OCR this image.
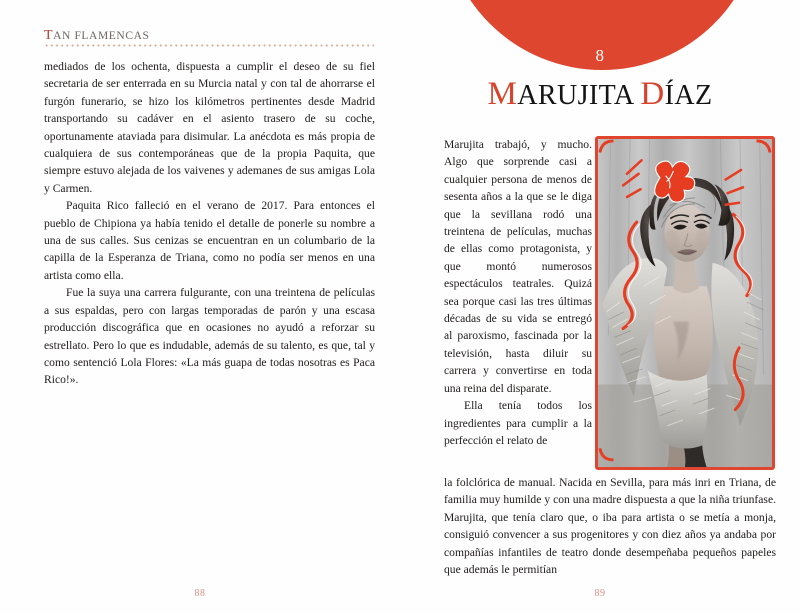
TAN FLAMENCAS

mediados de los ochenta, dispuesta a cumplir el deseo de su fiel secretaria de ser enterrada en su Murcia natal y con tal de ahorrarse el furgón funerario, se hizo los kilómetros pertinentes desde Madrid transportando su cadáver en el asiento trasero de su coche, oportunamente ataviada para disimular. La anécdota es más propia de cualquiera de sus contemporáneas que de la propia Paquita, que siempre estuvo alejada de los vaivenes y ademanes de sus amigas Lola y Carmen.

Paquita Rico falleció en el verano de 2017. Para entonces el pueblo de Chipiona ya había tenido el detalle de ponerle su nombre a una de sus calles. Sus cenizas se encuentran en un columbario de la capilla de la Esperanza de Triana, como no podía ser menos en una artista como ella.

Fue la suya una carrera fulgurante, con una treintena de películas a sus espaldas, pero con largas temporadas de parón y una escasa producción discográfica que en ocasiones no ayudó a reforzar su estrellato. Pero lo que es indudable, además de su talento, es que, tal y como sentenció Lola Flores: «La más guapa de todas nosotras es Paca Rico!».

88
8
MARUJITA DÍAZ

Marujita trabajó, y mucho. Algo que sorprende casi a cualquier persona de menos de sesenta años a la que se le diga que la sevillana rodó una treintena de películas, muchas de ellas como protagonista, y que montó numerosos espectáculos teatrales. Quizá sea porque casi las tres últimas décadas de su vida se entregó al paroxismo, fascinada por la televisión, hasta diluir su carrera y convertirse en toda una reina del disparate.

Ella tenía todos los ingredientes para cumplir a la perfección el relato de

la folclórica de manual. Nacida en Sevilla, para más inri en Triana, de familia muy humilde y con una madre dispuesta a que la niña triunfase. Marujita, que tenía claro que, o iba para artista o se metía a monja, consiguió convencer a sus progenitores y con diez años ya andaba por compañías infantiles de teatro donde desempeñaba pequeños papeles que además le permitían

89
